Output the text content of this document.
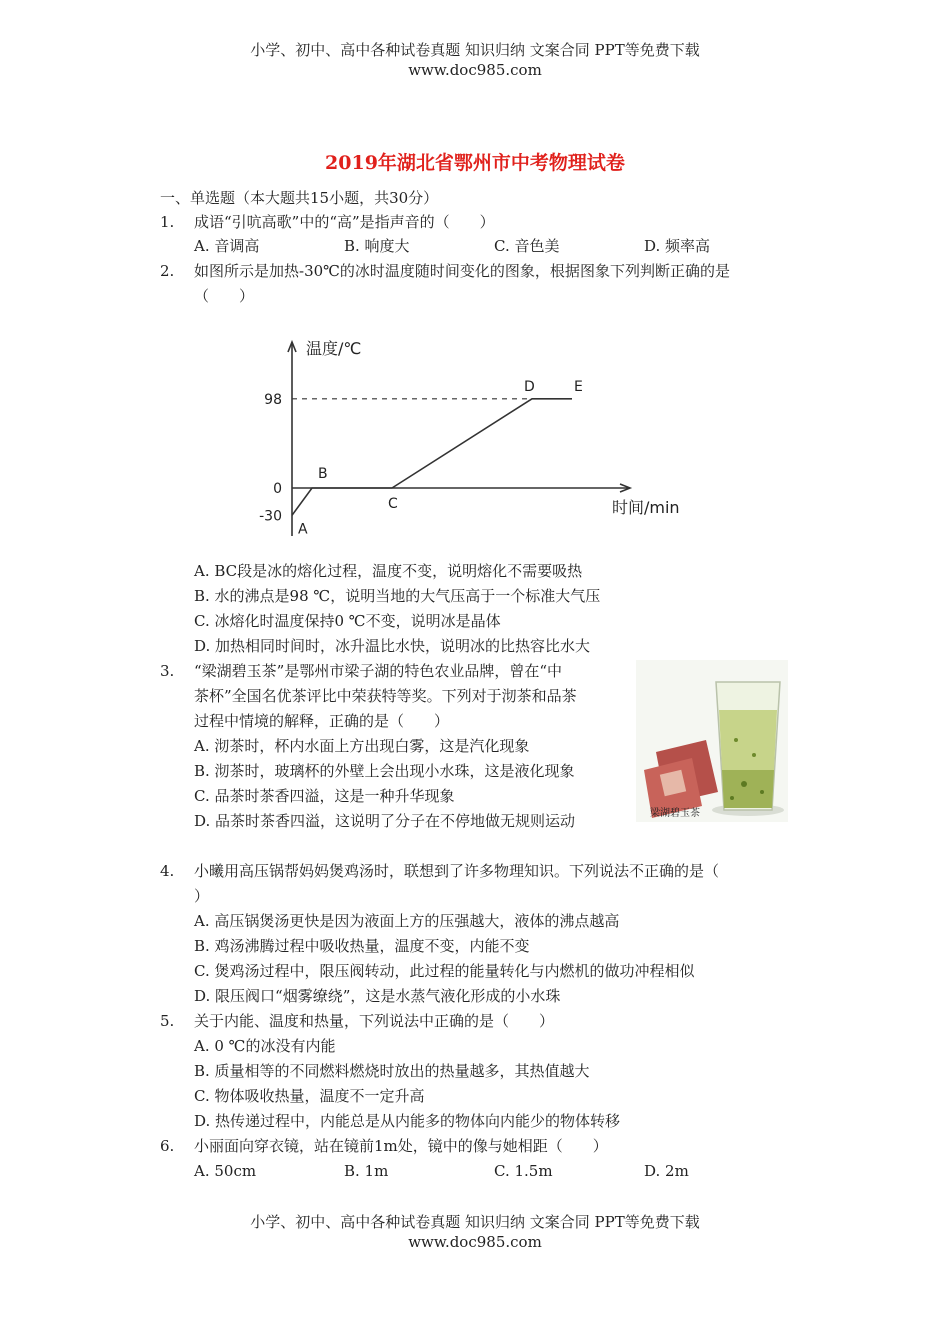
小学、初中、高中各种试卷真题 知识归纳 文案合同 PPT等免费下载
www.doc985.com
2019年湖北省鄂州市中考物理试卷
一、单选题（本大题共15小题，共30分）
1. 成语“引吭高歌”中的“高”是指声音的（　　）
A. 音调高	B. 响度大	C. 音色美	D. 频率高
2. 如图所示是加热-30℃的冰时温度随时间变化的图象，根据图象下列判断正确的是
（　　）
温度/℃
时间/min
98
0
-30
A
B
C
D	E
A. BC段是冰的熔化过程，温度不变，说明熔化不需要吸热
B. 水的沸点是98 ℃，说明当地的大气压高于一个标准大气压
C. 冰熔化时温度保持0 ℃不变，说明冰是晶体
D. 加热相同时间时，冰升温比水快，说明冰的比热容比水大
3. “梁湖碧玉茶”是鄂州市梁子湖的特色农业品牌，曾在“中
茶杯”全国名优茶评比中荣获特等奖。下列对于沏茶和品茶
过程中情境的解释，正确的是（　　）
A. 沏茶时，杯内水面上方出现白雾，这是汽化现象
B. 沏茶时，玻璃杯的外壁上会出现小水珠，这是液化现象
C. 品茶时茶香四溢，这是一种升华现象
D. 品茶时茶香四溢，这说明了分子在不停地做无规则运动	梁湖碧玉茶
4. 小曦用高压锅帮妈妈煲鸡汤时，联想到了许多物理知识。下列说法不正确的是（
）
A. 高压锅煲汤更快是因为液面上方的压强越大，液体的沸点越高
B. 鸡汤沸腾过程中吸收热量，温度不变，内能不变
C. 煲鸡汤过程中，限压阀转动，此过程的能量转化与内燃机的做功冲程相似
D. 限压阀口“烟雾缭绕”，这是水蒸气液化形成的小水珠
5. 关于内能、温度和热量，下列说法中正确的是（　　）
A. 0 ℃的冰没有内能
B. 质量相等的不同燃料燃烧时放出的热量越多，其热值越大
C. 物体吸收热量，温度不一定升高
D. 热传递过程中，内能总是从内能多的物体向内能少的物体转移
6. 小丽面向穿衣镜，站在镜前1m处，镜中的像与她相距（　　）
A. 50cm	B. 1m	C. 1.5m	D. 2m
小学、初中、高中各种试卷真题 知识归纳 文案合同 PPT等免费下载
www.doc985.com
